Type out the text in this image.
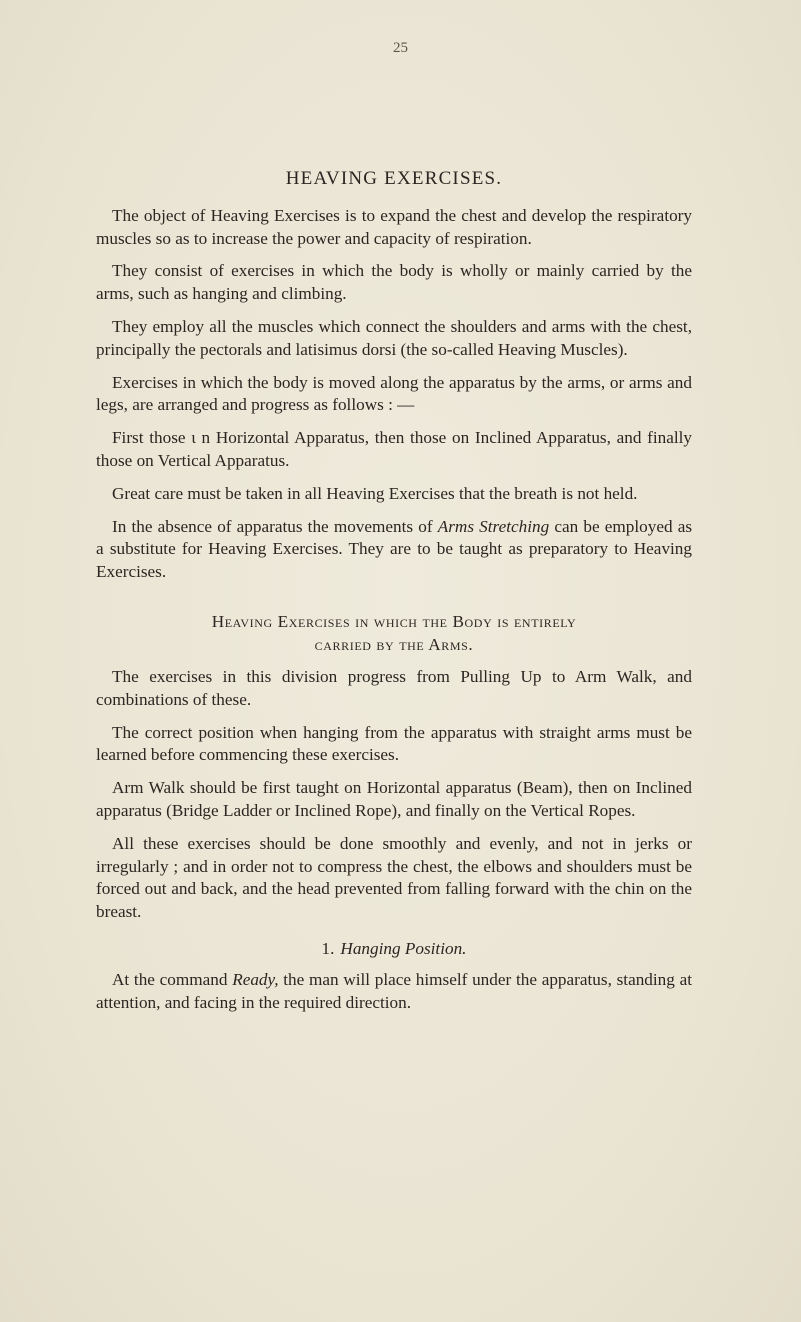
25
HEAVING EXERCISES.

The object of Heaving Exercises is to expand the chest and develop the respiratory muscles so as to increase the power and capacity of respiration.

They consist of exercises in which the body is wholly or mainly carried by the arms, such as hanging and climbing.

They employ all the muscles which connect the shoulders and arms with the chest, principally the pectorals and latisimus dorsi (the so-called Heaving Muscles).

Exercises in which the body is moved along the apparatus by the arms, or arms and legs, are arranged and progress as follows : —

First those ι n Horizontal Apparatus, then those on Inclined Apparatus, and finally those on Vertical Apparatus.

Great care must be taken in all Heaving Exercises that the breath is not held.

In the absence of apparatus the movements of Arms Stretching can be employed as a substitute for Heaving Exercises. They are to be taught as preparatory to Heaving Exercises.

Heaving Exercises in which the Body is entirely
carried by the Arms.

The exercises in this division progress from Pulling Up to Arm Walk, and combinations of these.

The correct position when hanging from the apparatus with straight arms must be learned before commencing these exercises.

Arm Walk should be first taught on Horizontal apparatus (Beam), then on Inclined apparatus (Bridge Ladder or Inclined Rope), and finally on the Vertical Ropes.

All these exercises should be done smoothly and evenly, and not in jerks or irregularly ; and in order not to compress the chest, the elbows and shoulders must be forced out and back, and the head prevented from falling forward with the chin on the breast.

1. Hanging Position.

At the command Ready, the man will place himself under the apparatus, standing at attention, and facing in the required direction.
